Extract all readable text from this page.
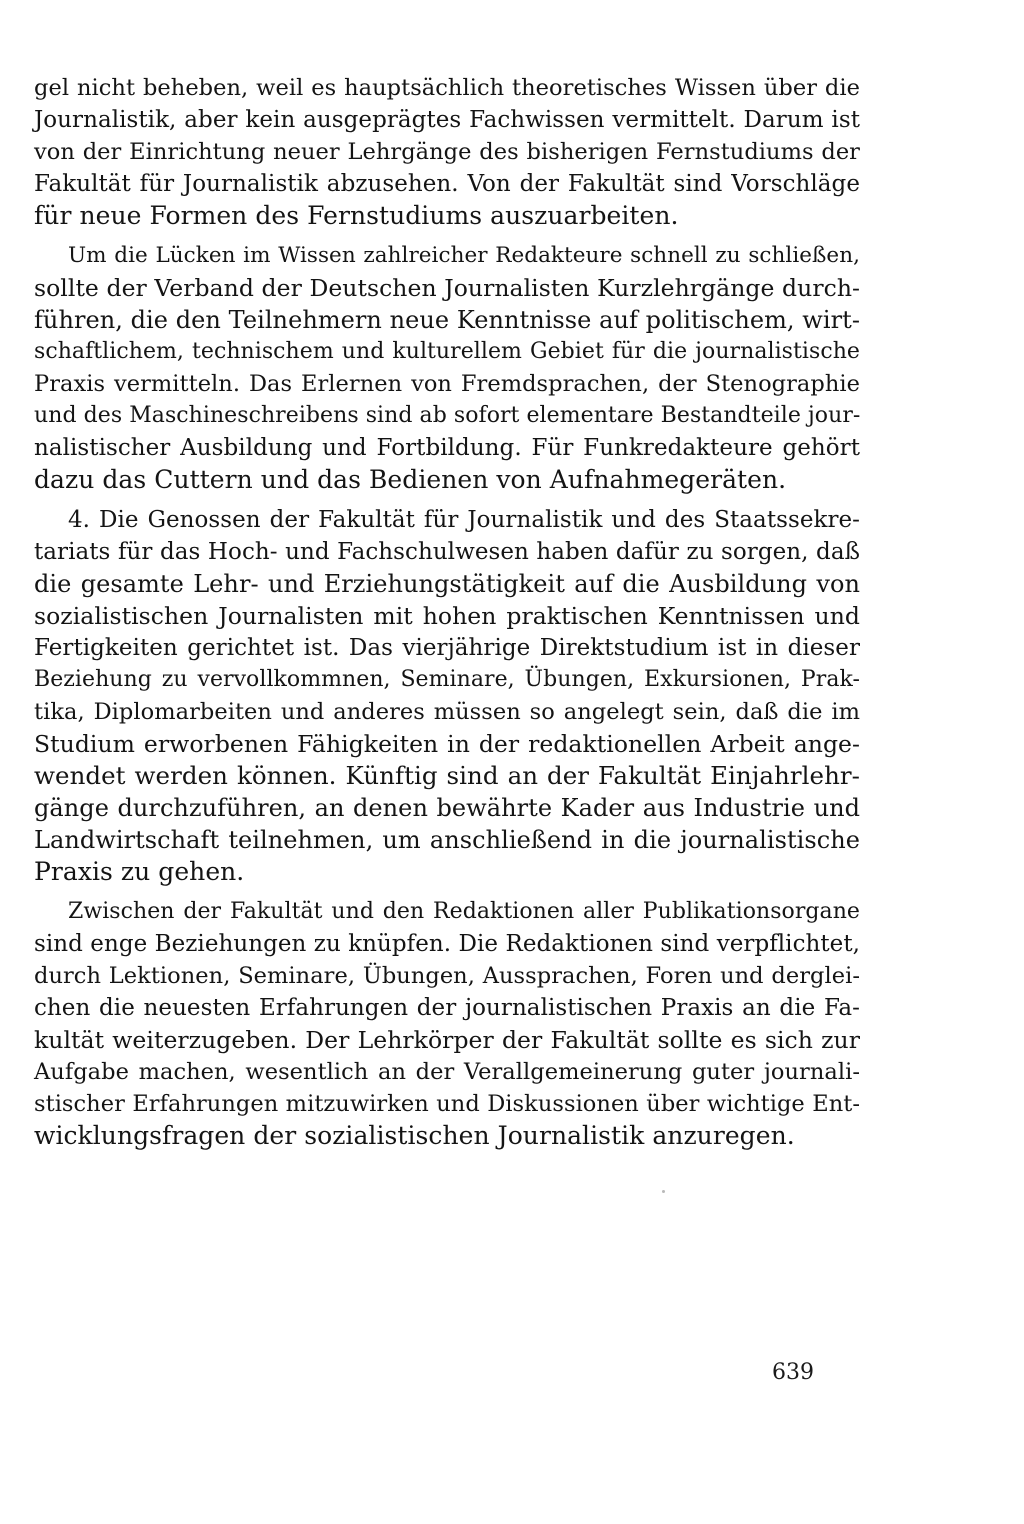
gel nicht beheben, weil es hauptsächlich theoretisches Wissen über die
Journalistik, aber kein ausgeprägtes Fachwissen vermittelt. Darum ist
von der Einrichtung neuer Lehrgänge des bisherigen Fernstudiums der
Fakultät für Journalistik abzusehen. Von der Fakultät sind Vorschläge
für neue Formen des Fernstudiums auszuarbeiten.

Um die Lücken im Wissen zahlreicher Redakteure schnell zu schließen,
sollte der Verband der Deutschen Journalisten Kurzlehrgänge durch-
führen, die den Teilnehmern neue Kenntnisse auf politischem, wirt-
schaftlichem, technischem und kulturellem Gebiet für die journalistische
Praxis vermitteln. Das Erlernen von Fremdsprachen, der Stenographie
und des Maschineschreibens sind ab sofort elementare Bestandteile jour-
nalistischer Ausbildung und Fortbildung. Für Funkredakteure gehört
dazu das Cuttern und das Bedienen von Aufnahmegeräten.

4. Die Genossen der Fakultät für Journalistik und des Staatssekre-
tariats für das Hoch- und Fachschulwesen haben dafür zu sorgen, daß
die gesamte Lehr- und Erziehungstätigkeit auf die Ausbildung von
sozialistischen Journalisten mit hohen praktischen Kenntnissen und
Fertigkeiten gerichtet ist. Das vierjährige Direktstudium ist in dieser
Beziehung zu vervollkommnen, Seminare, Übungen, Exkursionen, Prak-
tika, Diplomarbeiten und anderes müssen so angelegt sein, daß die im
Studium erworbenen Fähigkeiten in der redaktionellen Arbeit ange-
wendet werden können. Künftig sind an der Fakultät Einjahrlehr-
gänge durchzuführen, an denen bewährte Kader aus Industrie und
Landwirtschaft teilnehmen, um anschließend in die journalistische
Praxis zu gehen.

Zwischen der Fakultät und den Redaktionen aller Publikationsorgane
sind enge Beziehungen zu knüpfen. Die Redaktionen sind verpflichtet,
durch Lektionen, Seminare, Übungen, Aussprachen, Foren und derglei-
chen die neuesten Erfahrungen der journalistischen Praxis an die Fa-
kultät weiterzugeben. Der Lehrkörper der Fakultät sollte es sich zur
Aufgabe machen, wesentlich an der Verallgemeinerung guter journali-
stischer Erfahrungen mitzuwirken und Diskussionen über wichtige Ent-
wicklungsfragen der sozialistischen Journalistik anzuregen.

639
